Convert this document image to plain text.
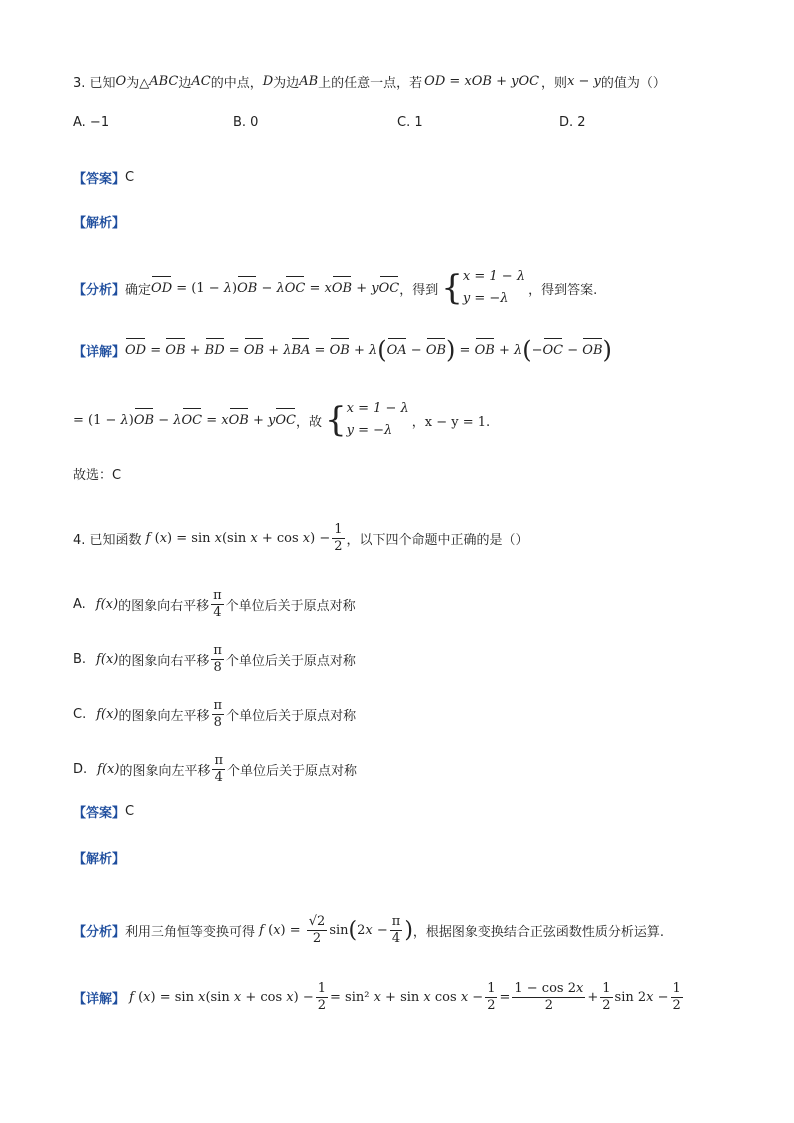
3. 已知 O 为△ ABC 边 AC 的中点， D 为边 AB 上的任意一点，若 OD = xOB + yOC ，则 x − y 的值为（）
A. −1	B. 0	C. 1	D. 2
【答案】 C
【解析】
【分析】 确定 OD = (1 − λ ) OB − λ OC = x OB + y OC ，得到 { x = 1 − λ
y = −λ
，得到答案.
【详解】 OD = OB + BD = OB + λ BA = OB + λ ( OA − OB ) = OB + λ ( − OC − OB )
= (1 − λ ) OB − λ OC = x OB + y OC ，故 { x = 1 − λ
y = −λ
，x − y = 1.
故选：C
4. 已知函数 f ( x ) = sin x (sin x + cos x ) − $\frac{1}{2}$ ，以下四个命题中正确的是（）
A. f(x) 的图象向右平移 $\frac{\pi}{4}$ 个单位后关于原点对称
B. f(x) 的图象向右平移 $\frac{\pi}{8}$ 个单位后关于原点对称
C. f(x) 的图象向左平移 $\frac{\pi}{8}$ 个单位后关于原点对称
D. f(x) 的图象向左平移 $\frac{\pi}{4}$ 个单位后关于原点对称
【答案】 C
【解析】
【分析】 利用三角恒等变换可得 f ( x ) = $\frac{√2}{2}$ sin ( 2 $x - \frac{\pi}{4}$ ) ，根据图象变换结合正弦函数性质分析运算.
【详解】 f ( x ) = sin x (sin x + cos x ) − $\frac{1}{2} = \sin^2$ x + sin x $\cos x - \frac{1}{2} = \frac{1 - \cos 2x}{2} + \frac{1}{2}$ sin 2 $x - \frac{1}{2}$
